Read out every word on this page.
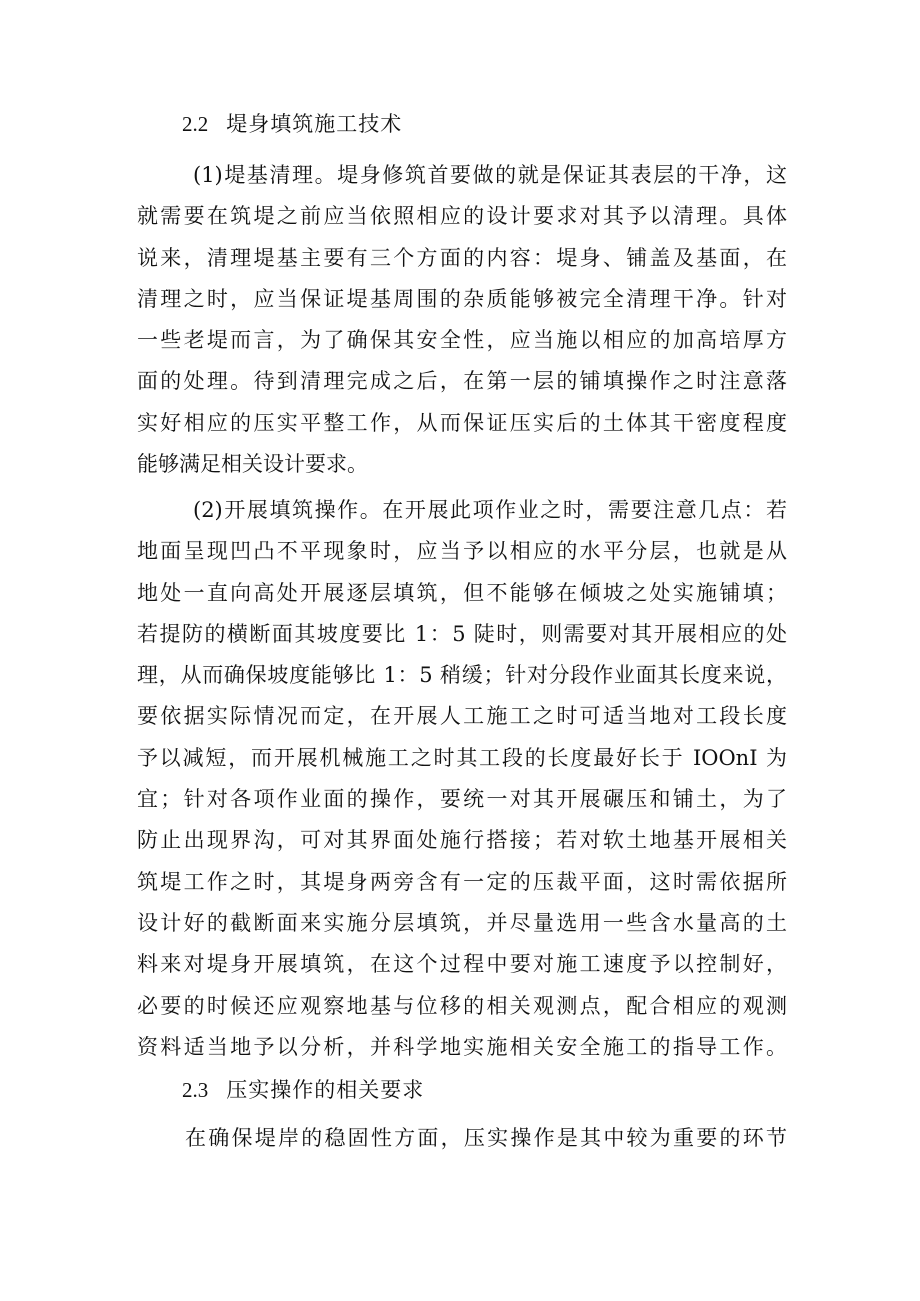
2.2 堤身填筑施工技术
(1)堤基清理。堤身修筑首要做的就是保证其表层的干净，这
就需要在筑堤之前应当依照相应的设计要求对其予以清理。具体
说来，清理堤基主要有三个方面的内容：堤身、铺盖及基面，在
清理之时，应当保证堤基周围的杂质能够被完全清理干净。针对
一些老堤而言，为了确保其安全性，应当施以相应的加高培厚方
面的处理。待到清理完成之后，在第一层的铺填操作之时注意落
实好相应的压实平整工作，从而保证压实后的土体其干密度程度
能够满足相关设计要求。
(2)开展填筑操作。在开展此项作业之时，需要注意几点：若
地面呈现凹凸不平现象时，应当予以相应的水平分层，也就是从
地处一直向高处开展逐层填筑，但不能够在倾坡之处实施铺填；
若提防的横断面其坡度要比 1：5 陡时，则需要对其开展相应的处
理，从而确保坡度能够比 1：5 稍缓；针对分段作业面其长度来说，
要依据实际情况而定，在开展人工施工之时可适当地对工段长度
予以减短，而开展机械施工之时其工段的长度最好长于 IOOnI 为
宜；针对各项作业面的操作，要统一对其开展碾压和铺土，为了
防止出现界沟，可对其界面处施行搭接；若对软土地基开展相关
筑堤工作之时，其堤身两旁含有一定的压裁平面，这时需依据所
设计好的截断面来实施分层填筑，并尽量选用一些含水量高的土
料来对堤身开展填筑，在这个过程中要对施工速度予以控制好，
必要的时候还应观察地基与位移的相关观测点，配合相应的观测
资料适当地予以分析，并科学地实施相关安全施工的指导工作。
2.3 压实操作的相关要求
在确保堤岸的稳固性方面，压实操作是其中较为重要的环节
